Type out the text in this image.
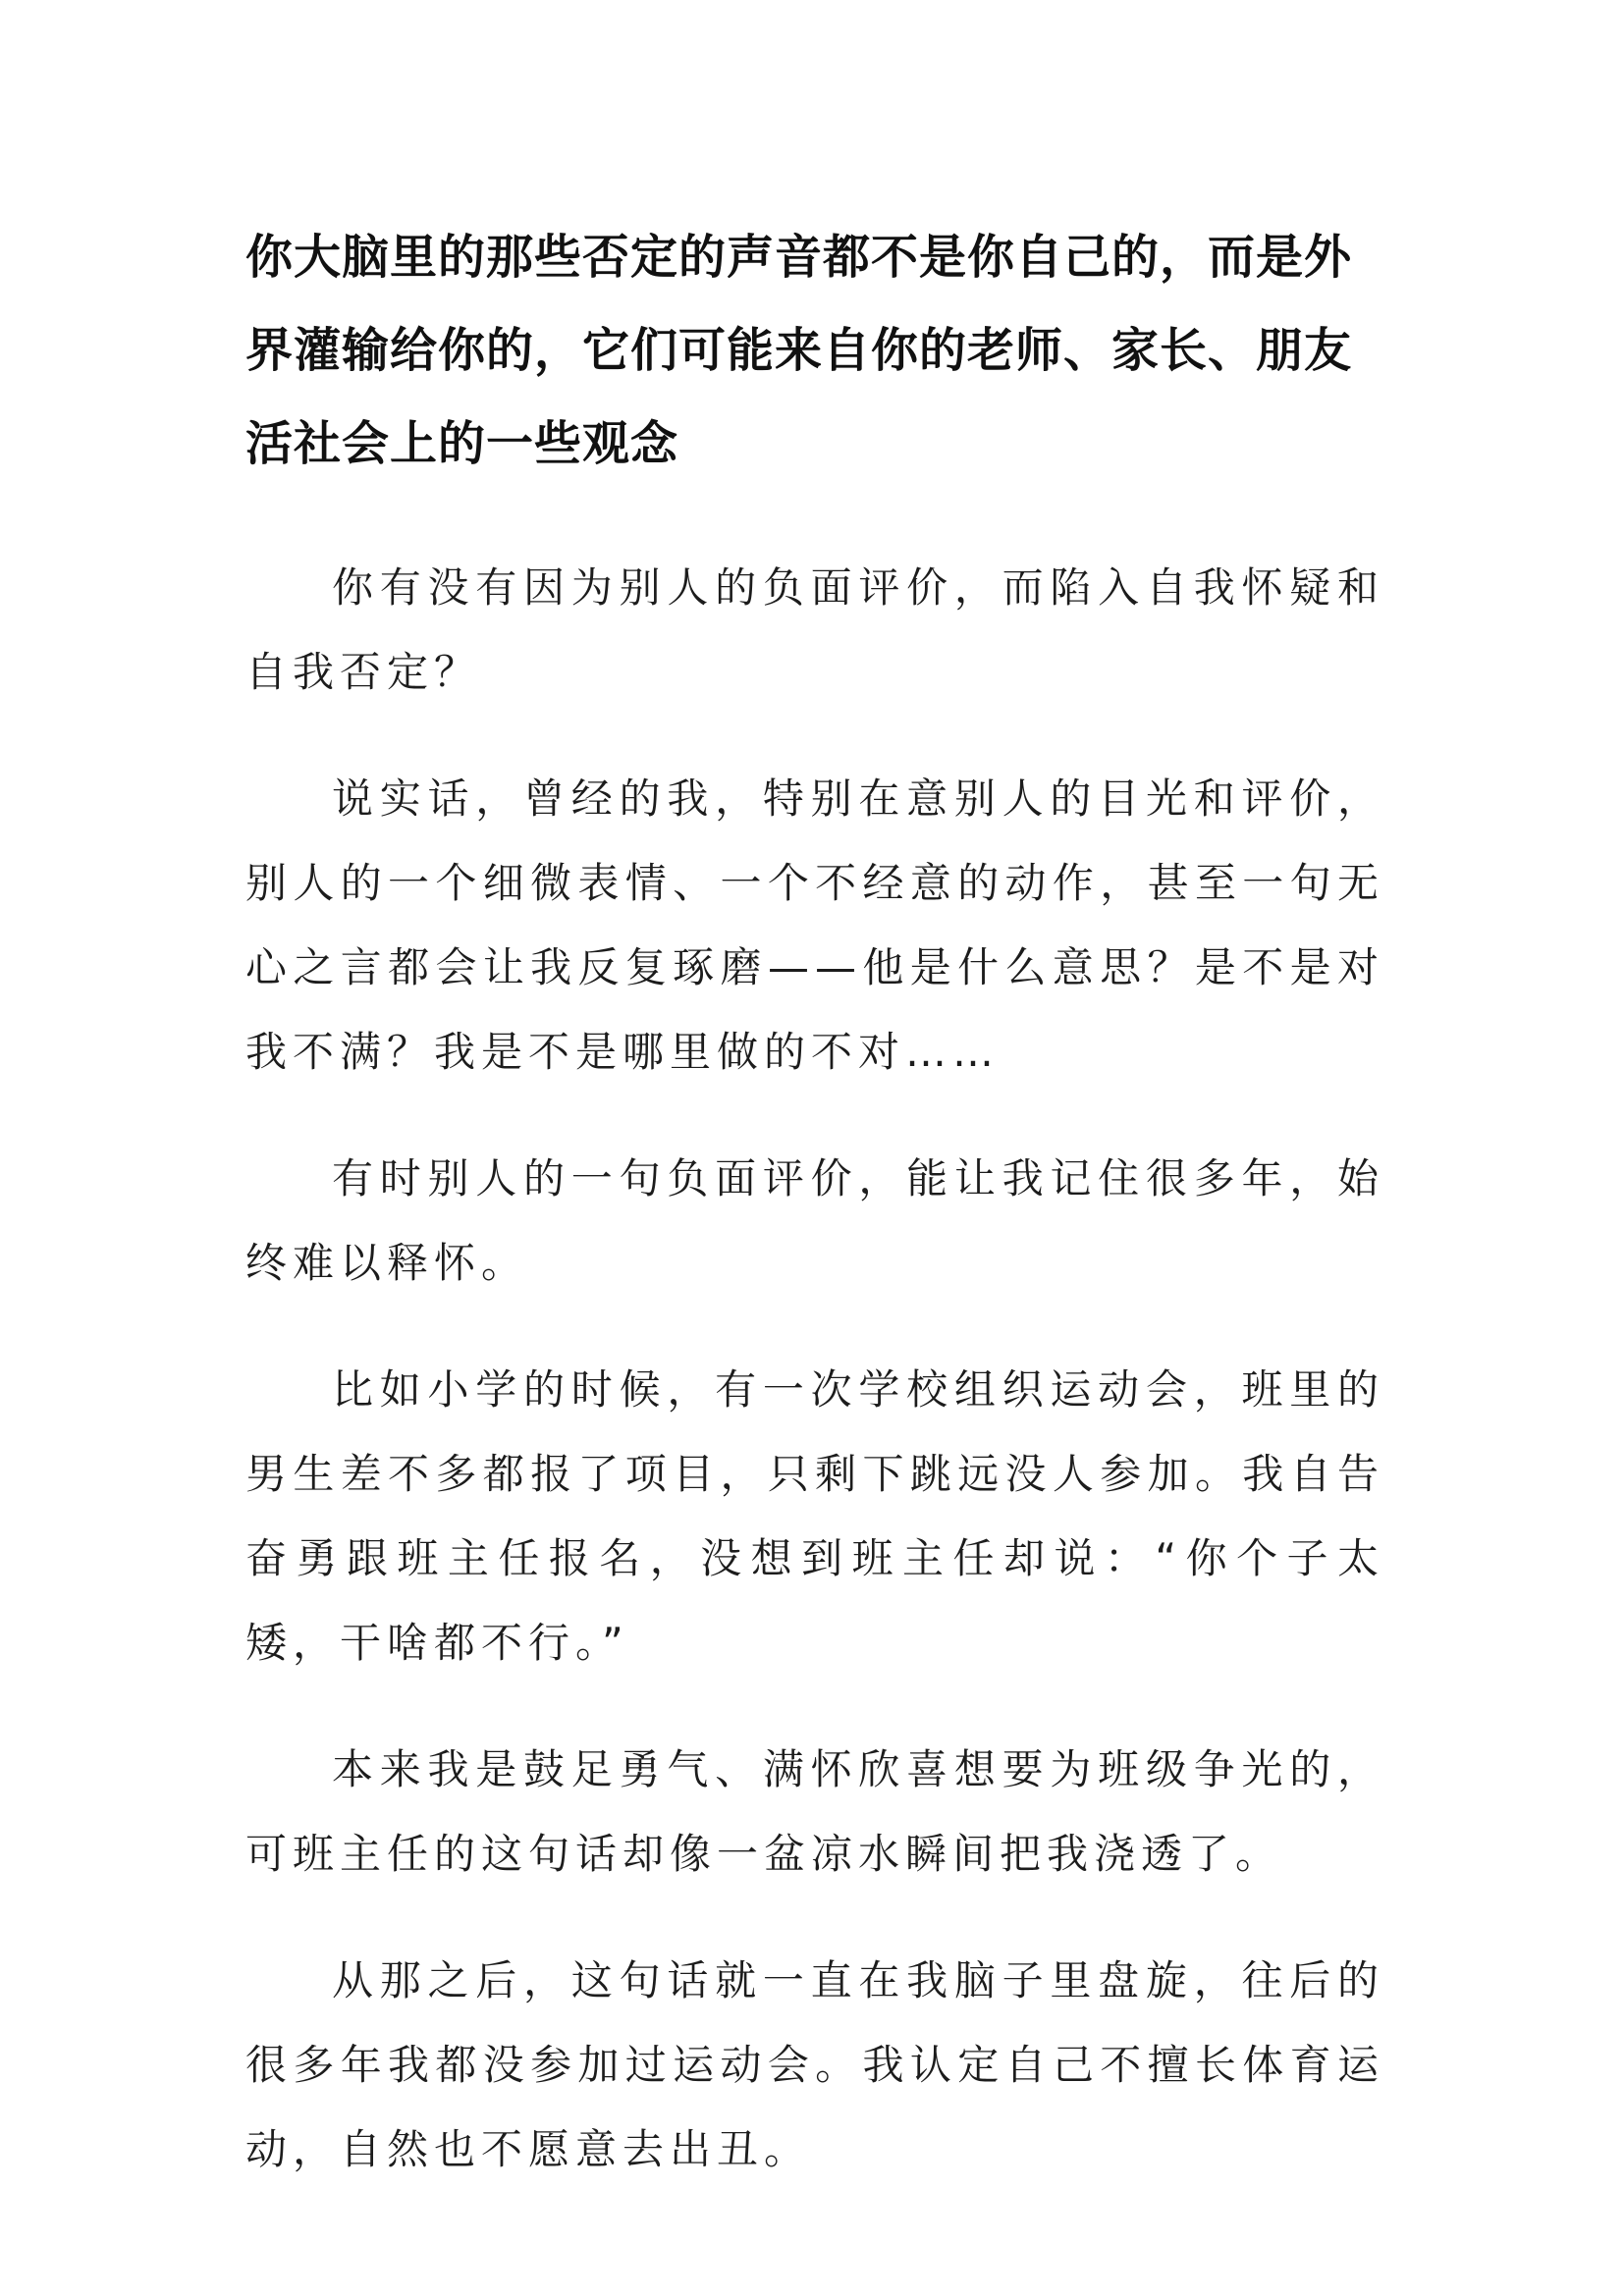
你大脑里的那些否定的声音都不是你自己的，而是外界灌输给你的，它们可能来自你的老师、家长、朋友活社会上的一些观念

你有没有因为别人的负面评价，而陷入自我怀疑和自我否定？

说实话，曾经的我，特别在意别人的目光和评价，别人的一个细微表情、一个不经意的动作，甚至一句无心之言都会让我反复琢磨——他是什么意思？是不是对我不满？我是不是哪里做的不对……

有时别人的一句负面评价，能让我记住很多年，始终难以释怀。

比如小学的时候，有一次学校组织运动会，班里的男生差不多都报了项目，只剩下跳远没人参加。我自告奋勇跟班主任报名，没想到班主任却说：“你个子太矮，干啥都不行。”

本来我是鼓足勇气、满怀欣喜想要为班级争光的，可班主任的这句话却像一盆凉水瞬间把我浇透了。

从那之后，这句话就一直在我脑子里盘旋，往后的很多年我都没参加过运动会。我认定自己不擅长体育运动，自然也不愿意去出丑。
